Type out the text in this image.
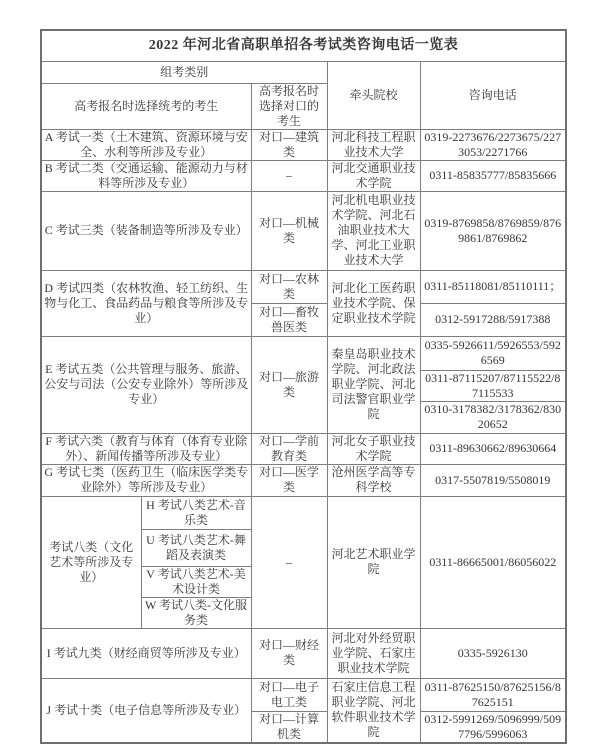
2022 年河北省高职单招各考试类咨询电话一览表				
组考类别			牵头院校	咨询电话
高考报名时选择统考的考生		高考报名时选择对口的考生		
A 考试一类（土木建筑、资源环境与安全、水利等所涉及专业）		对口—建筑类	河北科技工程职业技术大学	0319-2273676/2273675/2273053/2271766
B 考试二类（交通运输、能源动力与材料等所涉及专业）		–	河北交通职业技术学院	0311-85835777/85835666
C 考试三类（装备制造等所涉及专业）		对口—机械类	河北机电职业技术学院、河北石油职业技术大学、河北工业职业技术大学	0319-8769858/8769859/8769861/8769862
D 考试四类（农林牧渔、轻工纺织、生物与化工、食品药品与粮食等所涉及专业）		对口—农林类	河北化工医药职业技术学院、保定职业技术学院	0311-85118081/85110111；
		对口—畜牧兽医类		0312-5917288/5917388
E 考试五类（公共管理与服务、旅游、公安与司法（公安专业除外）等所涉及专业）		对口—旅游类	秦皇岛职业技术学院、河北政法职业学院、河北司法警官职业学院	0335-5926611/5926553/5926569
				0311-87115207/87115522/87115533
				0310-3178382/3178362/83020652
F 考试六类（教育与体育（体育专业除外）、新闻传播等所涉及专业）		对口—学前教育类	河北女子职业技术学院	0311-89630662/89630664
G 考试七类（医药卫生（临床医学类专业除外）等所涉及专业）		对口—医学类	沧州医学高等专科学校	0317-5507819/5508019
考试八类（文化艺术等所涉及专业）	H 考试八类艺术-音乐类	–	河北艺术职业学院	0311-86665001/86056022
	U 考试八类艺术-舞蹈及表演类			
	V 考试八类艺术-美术设计类			
	W 考试八类-文化服务类			
I 考试九类（财经商贸等所涉及专业）		对口—财经类	河北对外经贸职业学院、石家庄职业技术学院	0335-5926130
J 考试十类（电子信息等所涉及专业）		对口—电子电工类	石家庄信息工程职业学院、河北软件职业技术学院	0311-87625150/87625156/87625151
		对口—计算机类		0312-5991269/5096999/5097796/5996063
